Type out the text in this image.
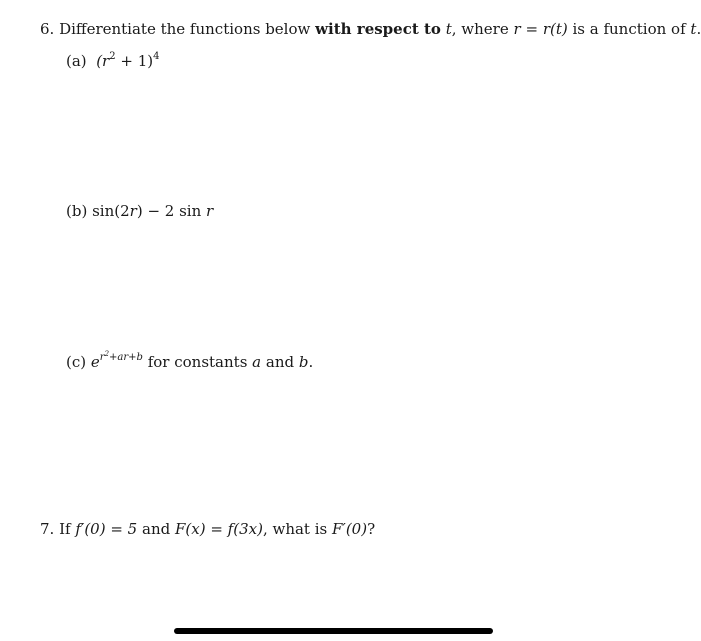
6. Differentiate the functions below with respect to t, where r = r(t) is a function of t.
(a) $(r^2 + 1)^4$
(b) sin(2r) − 2 sin r
(c) $e^{r^2+ar+b}$ for constants a and b.
7. If f′(0) = 5 and F(x) = f(3x), what is F′(0)?
